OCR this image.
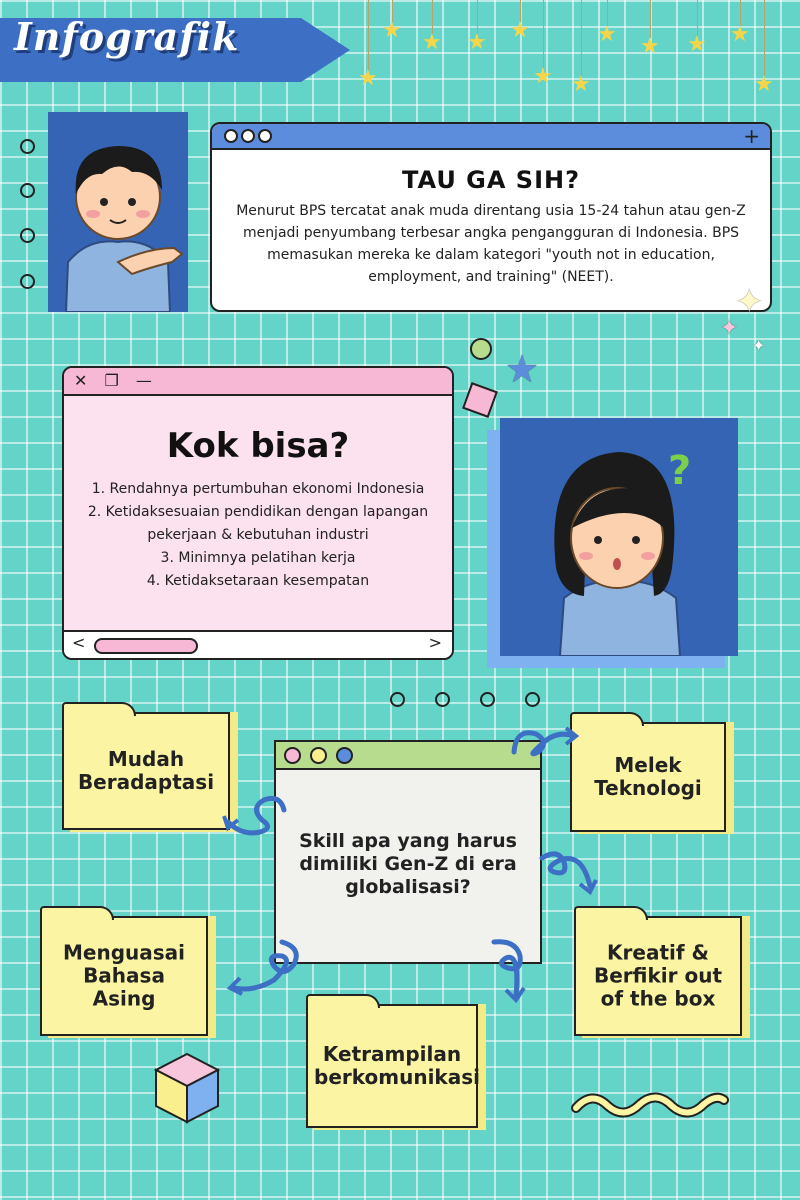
Infografik
★
★ ★ ★ ★
★ ★
★ ★ ★ ★
★
+
TAU GA SIH?

Menurut BPS tercatat anak muda direntang usia 15-24 tahun atau gen-Z menjadi penyumbang terbesar angka pengangguran di Indonesia. BPS memasukan mereka ke dalam kategori "youth not in education, employment, and training" (NEET).

✦
✦
✦
★
✕ ❐ —
Kok bisa?
1. Rendahnya pertumbuhan ekonomi Indonesia
2. Ketidaksesuaian pendidikan dengan lapangan pekerjaan & kebutuhan industri
3. Minimnya pelatihan kerja
4. Ketidaksetaraan kesempatan
<	>
?
Skill apa yang harus dimiliki Gen-Z di era globalisasi?
Mudah Beradaptasi
Melek Teknologi
Menguasai Bahasa Asing
Kreatif & Berfikir out of the box
Ketrampilan berkomunikasi
